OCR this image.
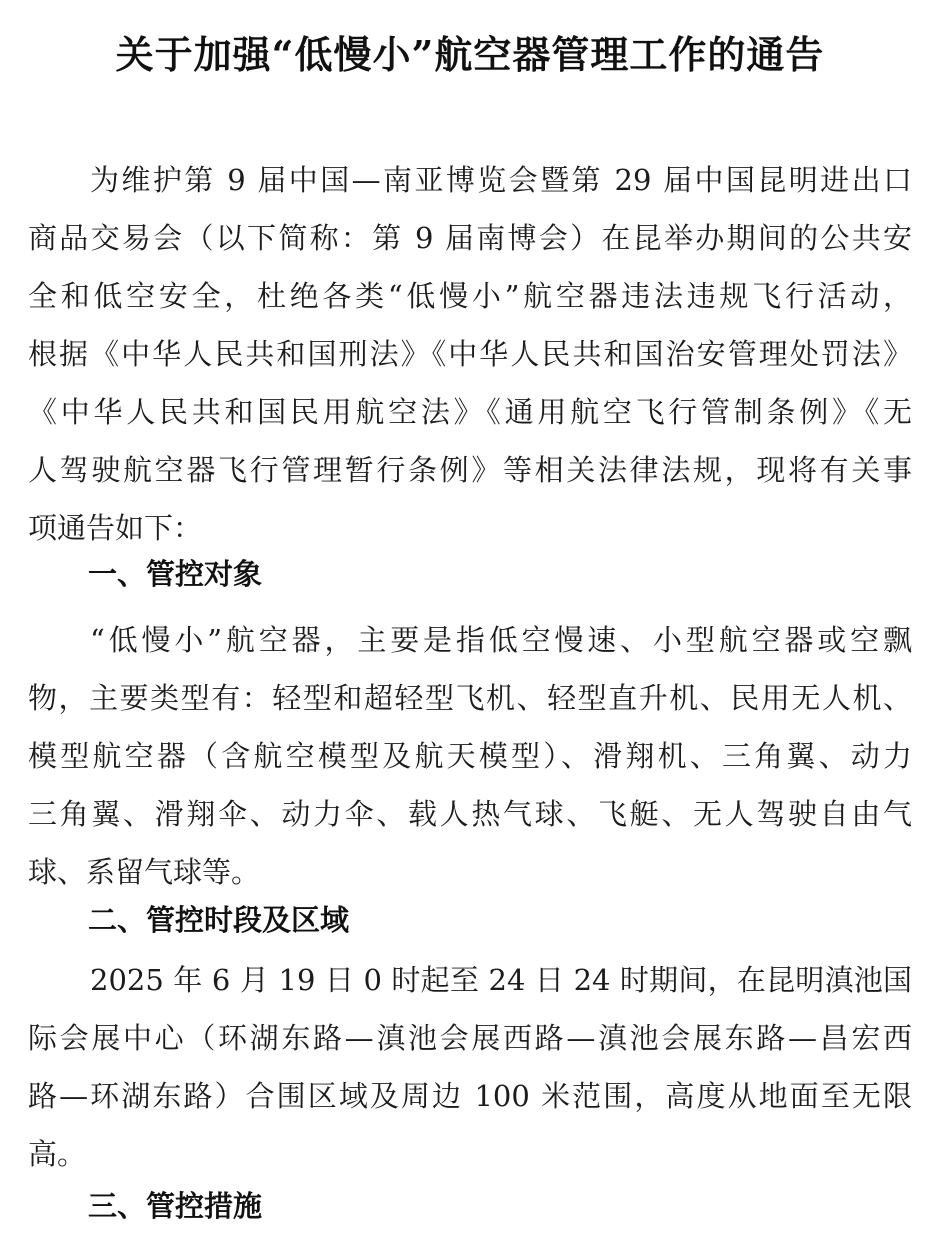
关于加强“低慢小”航空器管理工作的通告
为维护第 9 届中国—南亚博览会暨第 29 届中国昆明进出口
商品交易会（以下简称：第 9 届南博会）在昆举办期间的公共安
全和低空安全，杜绝各类“低慢小”航空器违法违规飞行活动，
根据《中华人民共和国刑法》《中华人民共和国治安管理处罚法》
《中华人民共和国民用航空法》《通用航空飞行管制条例》《无
人驾驶航空器飞行管理暂行条例》等相关法律法规，现将有关事
项通告如下：
一、管控对象
“低慢小”航空器，主要是指低空慢速、小型航空器或空飘
物，主要类型有：轻型和超轻型飞机、轻型直升机、民用无人机、
模型航空器（含航空模型及航天模型）、滑翔机、三角翼、动力
三角翼、滑翔伞、动力伞、载人热气球、飞艇、无人驾驶自由气
球、系留气球等。
二、管控时段及区域
2025 年 6 月 19 日 0 时起至 24 日 24 时期间，在昆明滇池国
际会展中心（环湖东路—滇池会展西路—滇池会展东路—昌宏西
路—环湖东路）合围区域及周边 100 米范围，高度从地面至无限
高。
三、管控措施
